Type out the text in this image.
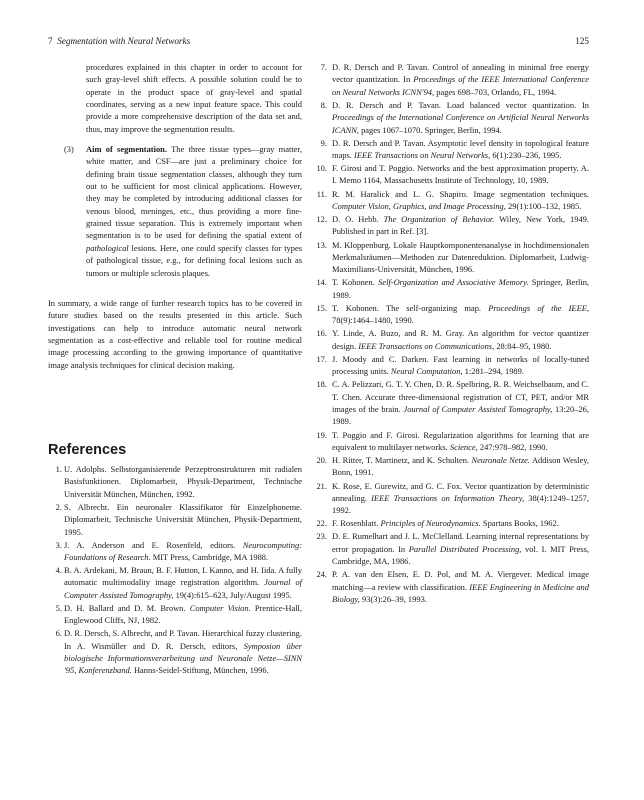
7 Segmentation with Neural Networks	125
procedures explained in this chapter in order to account for such gray-level shift effects. A possible solution could be to operate in the product space of gray-level and spatial coordinates, serving as a new input feature space. This could provide a more comprehensive description of the data set and, thus, may improve the segmentation results.
(3) Aim of segmentation. The three tissue types—gray matter, white matter, and CSF—are just a preliminary choice for defining brain tissue segmentation classes, although they turn out to be sufficient for most clinical applications. However, they may be completed by introducing additional classes for venous blood, meninges, etc., thus providing a more fine-grained tissue separation. This is extremely important when segmentation is to be used for defining the spatial extent of pathological lesions. Here, one could specify classes for types of pathological tissue, e.g., for defining focal lesions such as tumors or multiple sclerosis plaques.
In summary, a wide range of further research topics has to be covered in future studies based on the results presented in this article. Such investigations can help to introduce automatic neural network segmentation as a cost-effective and reliable tool for routine medical image processing according to the growing importance of quantitative image analysis techniques for clinical decision making.
References
1. U. Adolphs. Selbstorganisierende Perzeptronstrukturen mit radialen Basisfunktionen. Diplomarbeit, Physik-Department, Technische Universität München, München, 1992.
2. S. Albrecht. Ein neuronaler Klassifikator für Einzelphoneme. Diplomarbeit, Technische Universität München, Physik-Department, 1995.
3. J. A. Anderson and E. Rosenfeld, editors. Neurocomputing: Foundations of Research. MIT Press, Cambridge, MA 1988.
4. B. A. Ardekani, M. Braun, B. F. Hutton, I. Kanno, and H. Iida. A fully automatic multimodality image registration algorithm. Journal of Computer Assisted Tomography, 19(4):615–623, July/August 1995.
5. D. H. Ballard and D. M. Brown. Computer Vision. Prentice-Hall, Englewood Cliffs, NJ, 1982.
6. D. R. Dersch, S. Albrecht, and P. Tavan. Hierarchical fuzzy clustering. In A. Wismüller and D. R. Dersch, editors, Symposion über biologische Informationsverarbeitung und Neuronale Netze—SINN '95, Konferenzband. Hanns-Seidel-Stiftung, München, 1996.
7. D. R. Dersch and P. Tavan. Control of annealing in minimal free energy vector quantization. In Proceedings of the IEEE International Conference on Neural Networks ICNN'94, pages 698–703, Orlando, FL, 1994.
8. D. R. Dersch and P. Tavan. Load balanced vector quantization. In Proceedings of the International Conference on Artificial Neural Networks ICANN, pages 1067–1070. Springer, Berlin, 1994.
9. D. R. Dersch and P. Tavan. Asymptotic level density in topological feature maps. IEEE Transactions on Neural Networks, 6(1):230–236, 1995.
10. F. Girosi and T. Poggio. Networks and the best approximation property. A. I. Memo 1164, Massachusetts Institute of Technology, 10, 1989.
11. R. M. Haralick and L. G. Shapiro. Image segmentation techniques. Computer Vision, Graphics, and Image Processing, 29(1):100–132, 1985.
12. D. O. Hebb. The Organization of Behavior. Wiley, New York, 1949. Published in part in Ref. [3].
13. M. Kloppenburg. Lokale Hauptkomponentenanalyse in hochdimensionalen Merkmalsräumen—Methoden zur Datenreduktion. Diplomarbeit, Ludwig-Maximilians-Universität, München, 1996.
14. T. Kohonen. Self-Organization and Associative Memory. Springer, Berlin, 1989.
15. T. Kohonen. The self-organizing map. Proceedings of the IEEE, 78(9):1464–1480, 1990.
16. Y. Linde, A. Buzo, and R. M. Gray. An algorithm for vector quantizer design. IEEE Transactions on Communications, 28:84–95, 1980.
17. J. Moody and C. Darken. Fast learning in networks of locally-tuned processing units. Neural Computation, 1:281–294, 1989.
18. C. A. Pelizzari, G. T. Y. Chen, D. R. Spelbring, R. R. Weichselbaum, and C. T. Chen. Accurate three-dimensional registration of CT, PET, and/or MR images of the brain. Journal of Computer Assisted Tomography, 13:20–26, 1989.
19. T. Poggio and F. Girosi. Regularization algorithms for learning that are equivalent to multilayer networks. Science, 247:978–982, 1990.
20. H. Ritter, T. Martinetz, and K. Schulten. Neuronale Netze. Addison Wesley, Bonn, 1991.
21. K. Rose, E. Gurewitz, and G. C. Fox. Vector quantization by deterministic annealing. IEEE Transactions on Information Theory, 38(4):1249–1257, 1992.
22. F. Rosenblatt. Principles of Neurodynamics. Spartans Books, 1962.
23. D. E. Rumelhart and J. L. McClelland. Learning internal representations by error propagation. In Parallel Distributed Processing, vol. I. MIT Press, Cambridge, MA, 1986.
24. P. A. van den Elsen, E. D. Pol, and M. A. Viergever. Medical image matching—a review with classification. IEEE Engineering in Medicine and Biology, 93(3):26–39, 1993.
